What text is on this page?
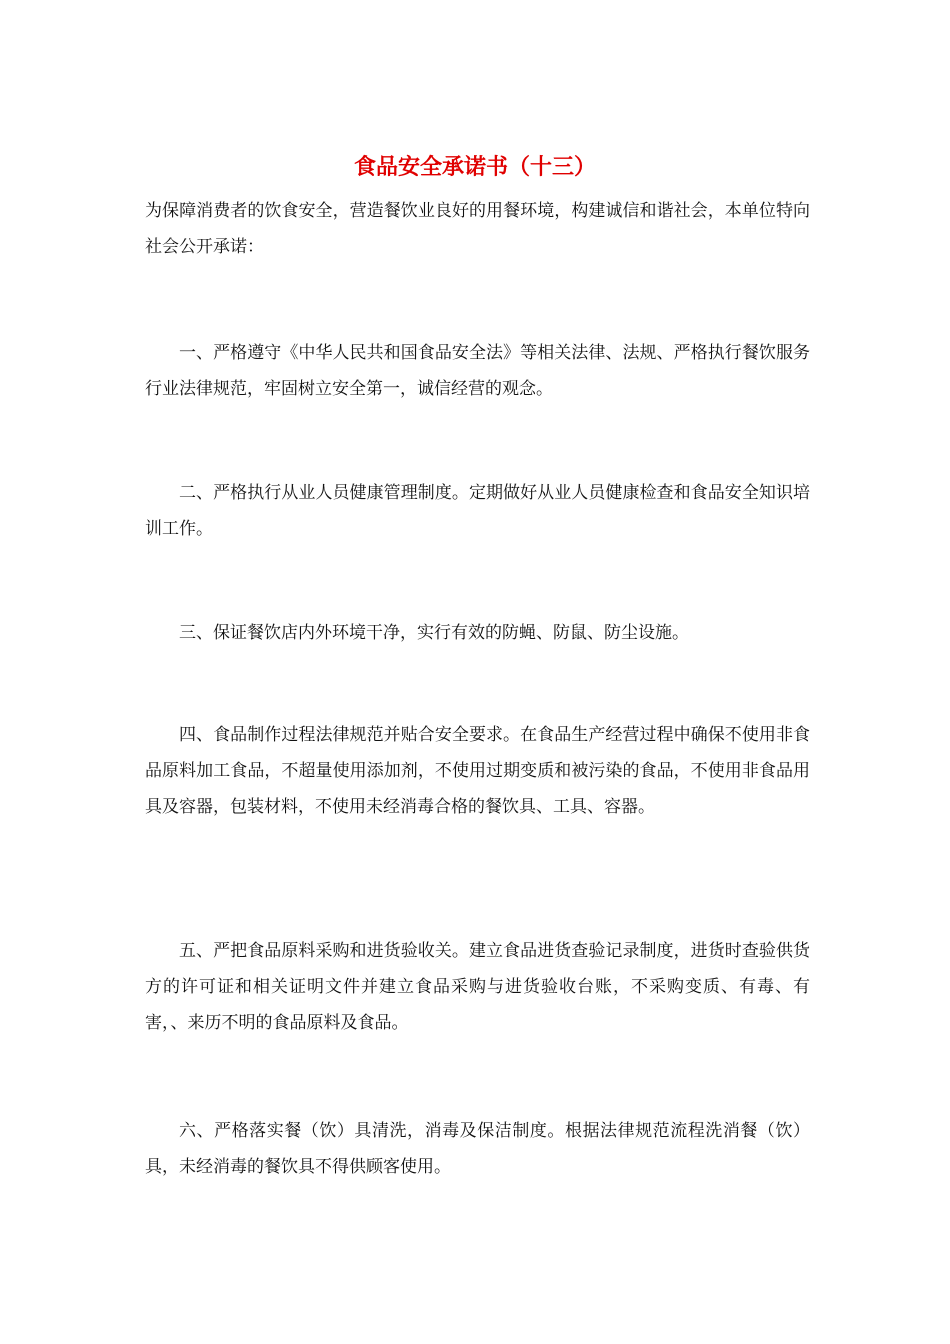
食品安全承诺书（十三）

为保障消费者的饮食安全，营造餐饮业良好的用餐环境，构建诚信和谐社会，本单位特向社会公开承诺：

一、严格遵守《中华人民共和国食品安全法》等相关法律、法规、严格执行餐饮服务行业法律规范，牢固树立安全第一，诚信经营的观念。

二、严格执行从业人员健康管理制度。定期做好从业人员健康检查和食品安全知识培训工作。

三、保证餐饮店内外环境干净，实行有效的防蝇、防鼠、防尘设施。

四、食品制作过程法律规范并贴合安全要求。在食品生产经营过程中确保不使用非食品原料加工食品，不超量使用添加剂，不使用过期变质和被污染的食品，不使用非食品用具及容器，包装材料，不使用未经消毒合格的餐饮具、工具、容器。

五、严把食品原料采购和进货验收关。建立食品进货查验记录制度，进货时查验供货方的许可证和相关证明文件并建立食品采购与进货验收台账，不采购变质、有毒、有害，、来历不明的食品原料及食品。

六、严格落实餐（饮）具清洗，消毒及保洁制度。根据法律规范流程洗消餐（饮）具，未经消毒的餐饮具不得供顾客使用。
